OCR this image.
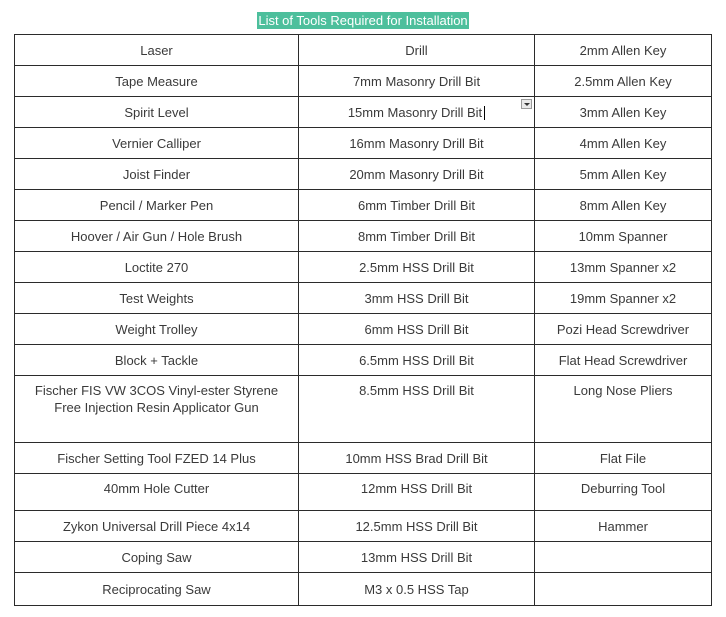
List of Tools Required for Installation		
Laser	Drill	2mm Allen Key
Tape Measure	7mm Masonry Drill Bit	2.5mm Allen Key
Spirit Level	15mm Masonry Drill Bit	3mm Allen Key
Vernier Calliper	16mm Masonry Drill Bit	4mm Allen Key
Joist Finder	20mm Masonry Drill Bit	5mm Allen Key
Pencil / Marker Pen	6mm Timber Drill Bit	8mm Allen Key
Hoover / Air Gun / Hole Brush	8mm Timber Drill Bit	10mm Spanner
Loctite 270	2.5mm HSS Drill Bit	13mm Spanner x2
Test Weights	3mm HSS Drill Bit	19mm Spanner x2
Weight Trolley	6mm HSS Drill Bit	Pozi Head Screwdriver
Block + Tackle	6.5mm HSS Drill Bit	Flat Head Screwdriver
Fischer FIS VW 3COS Vinyl-ester Styrene Free Injection Resin Applicator Gun	8.5mm HSS Drill Bit	Long Nose Pliers
Fischer Setting Tool FZED 14 Plus	10mm HSS Brad Drill Bit	Flat File
40mm Hole Cutter	12mm HSS Drill Bit	Deburring Tool
Zykon Universal Drill Piece 4x14	12.5mm HSS Drill Bit	Hammer
Coping Saw	13mm HSS Drill Bit	
Reciprocating Saw	M3 x 0.5 HSS Tap	
